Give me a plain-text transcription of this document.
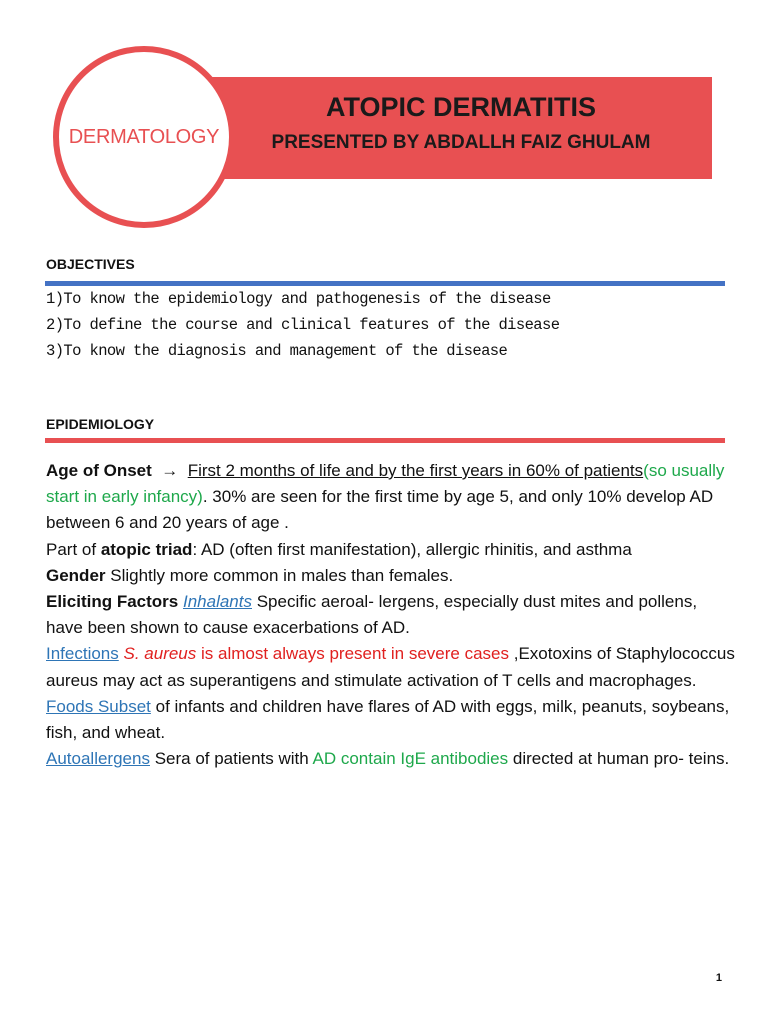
DERMATOLOGY
ATOPIC DERMATITIS
PRESENTED BY ABDALLH FAIZ GHULAM
OBJECTIVES
1)To know the epidemiology and pathogenesis of the disease
2)To define the course and clinical features of the disease
3)To know the diagnosis and management of the disease
EPIDEMIOLOGY

Age of Onset → First 2 months of life and by the first years in 60% of patients(so usually start in early infancy). 30% are seen for the first time by age 5, and only 10% develop AD between 6 and 20 years of age .

Part of atopic triad: AD (often first manifestation), allergic rhinitis, and asthma

Gender Slightly more common in males than females.

Eliciting Factors Inhalants Specific aeroal- lergens, especially dust mites and pollens, have been shown to cause exacerbations of AD.

Infections S. aureus is almost always present in severe cases ,Exotoxins of Staphylococcus aureus may act as superantigens and stimulate activation of T cells and macrophages.

Foods Subset of infants and children have flares of AD with eggs, milk, peanuts, soybeans, fish, and wheat.

Autoallergens Sera of patients with AD contain IgE antibodies directed at human pro- teins.

1
